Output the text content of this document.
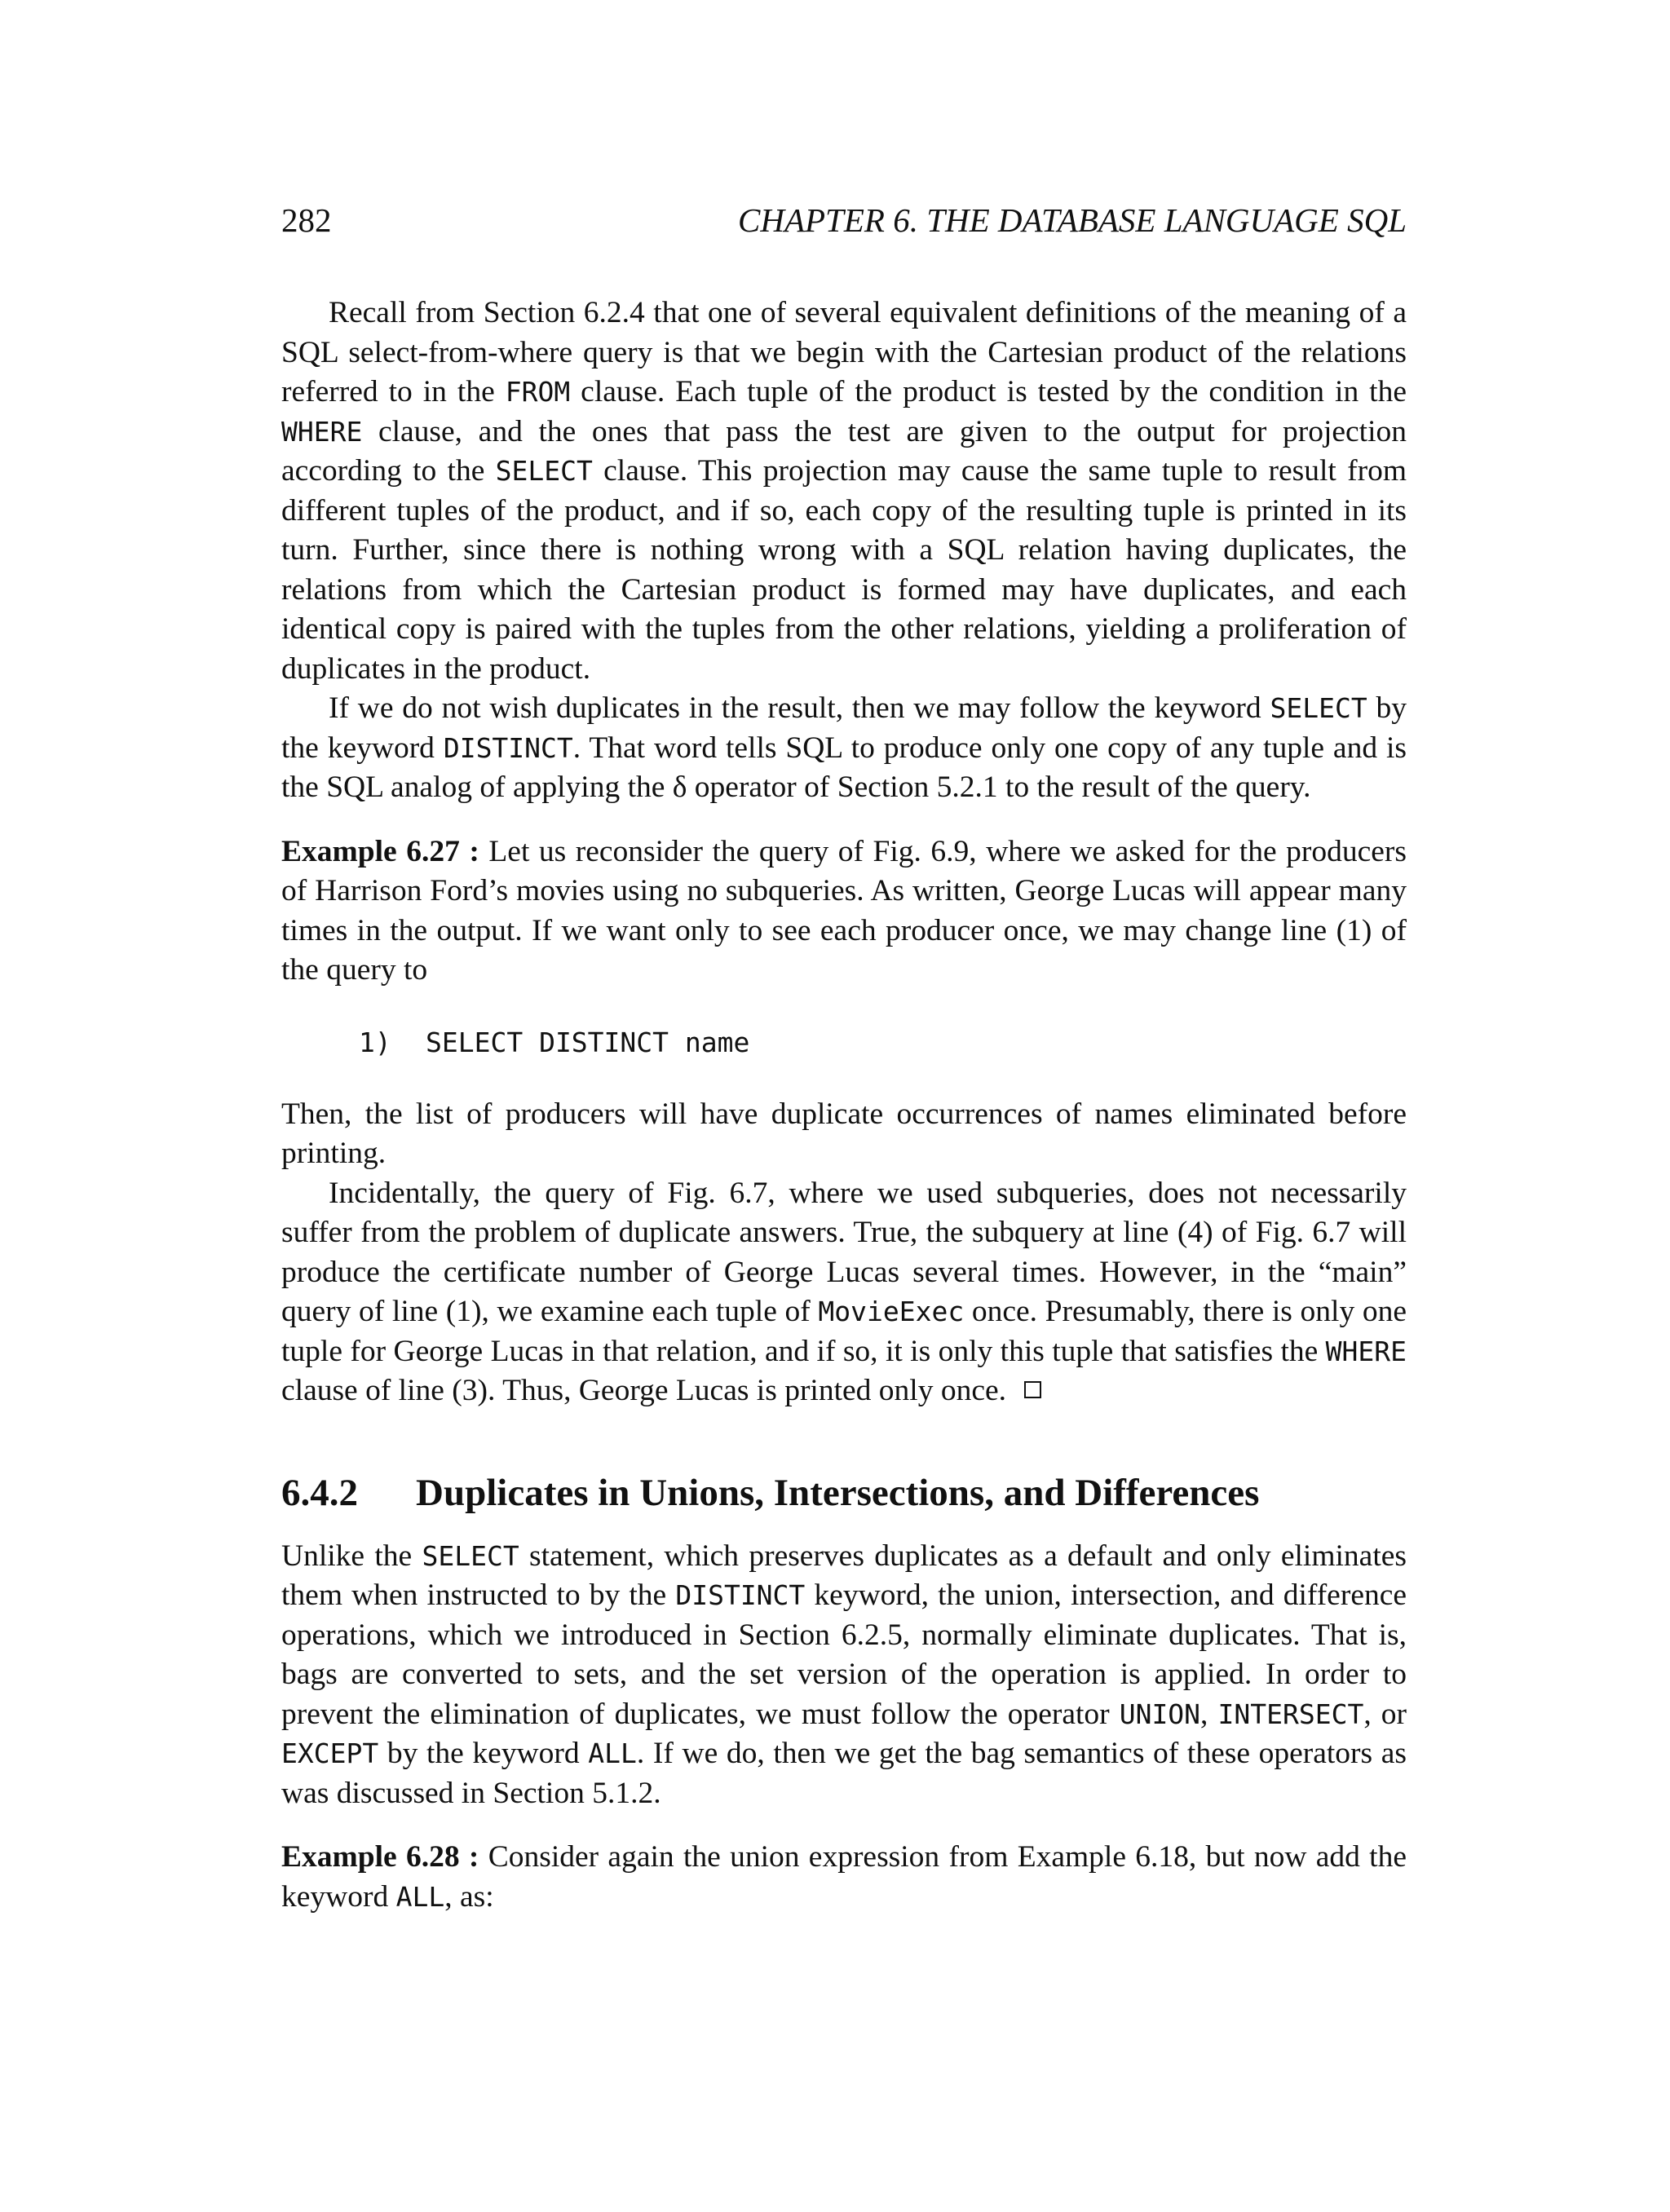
282	CHAPTER 6. THE DATABASE LANGUAGE SQL

Recall from Section 6.2.4 that one of several equivalent definitions of the meaning of a SQL select-from-where query is that we begin with the Cartesian product of the relations referred to in the FROM clause. Each tuple of the product is tested by the condition in the WHERE clause, and the ones that pass the test are given to the output for projection according to the SELECT clause. This projection may cause the same tuple to result from different tuples of the product, and if so, each copy of the resulting tuple is printed in its turn. Further, since there is nothing wrong with a SQL relation having duplicates, the relations from which the Cartesian product is formed may have duplicates, and each identical copy is paired with the tuples from the other relations, yielding a proliferation of duplicates in the product.

If we do not wish duplicates in the result, then we may follow the keyword SELECT by the keyword DISTINCT. That word tells SQL to produce only one copy of any tuple and is the SQL analog of applying the δ operator of Section 5.2.1 to the result of the query.

Example 6.27 : Let us reconsider the query of Fig. 6.9, where we asked for the producers of Harrison Ford’s movies using no subqueries. As written, George Lucas will appear many times in the output. If we want only to see each producer once, we may change line (1) of the query to

1) SELECT DISTINCT name

Then, the list of producers will have duplicate occurrences of names eliminated before printing.

Incidentally, the query of Fig. 6.7, where we used subqueries, does not necessarily suffer from the problem of duplicate answers. True, the subquery at line (4) of Fig. 6.7 will produce the certificate number of George Lucas several times. However, in the “main” query of line (1), we examine each tuple of MovieExec once. Presumably, there is only one tuple for George Lucas in that relation, and if so, it is only this tuple that satisfies the WHERE clause of line (3). Thus, George Lucas is printed only once.

6.4.2 Duplicates in Unions, Intersections, and Differences

Unlike the SELECT statement, which preserves duplicates as a default and only eliminates them when instructed to by the DISTINCT keyword, the union, intersection, and difference operations, which we introduced in Section 6.2.5, normally eliminate duplicates. That is, bags are converted to sets, and the set version of the operation is applied. In order to prevent the elimination of duplicates, we must follow the operator UNION, INTERSECT, or EXCEPT by the keyword ALL. If we do, then we get the bag semantics of these operators as was discussed in Section 5.1.2.

Example 6.28 : Consider again the union expression from Example 6.18, but now add the keyword ALL, as:
